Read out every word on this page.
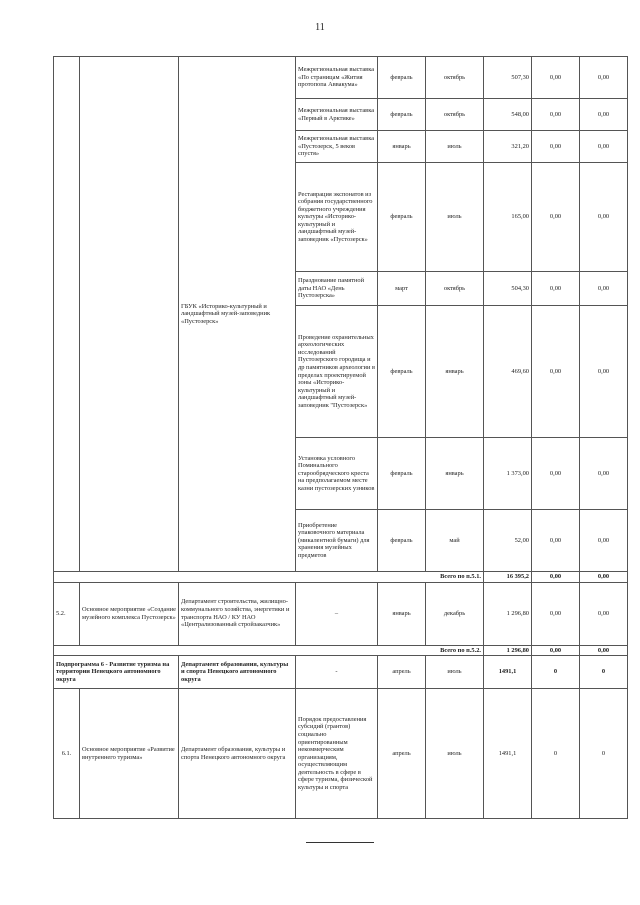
11
		ГБУК «Историко-культурный и ландшафтный музей-заповедник «Пустозерск»	Межрегиональная выставка «По страницам «Жития протопопа Аввакума»	февраль	октябрь	507,30	0,00	0,00
			Межрегиональная выставка «Первый в Арктике»	февраль	октябрь	548,00	0,00	0,00
			Межрегиональная выставка «Пустозерск, 5 веков спустя»	январь	июль	321,20	0,00	0,00
			Реставрация экспонатов из собрания государственного бюджетного учреждения культуры «Историко-культурный и ландшафтный музей-заповедник «Пустозерск»	февраль	июль	165,00	0,00	0,00
			Празднование памятной даты НАО «День Пустозерска»	март	октябрь	504,30	0,00	0,00
			Проведение охранительных археологических исследований Пустозерского городища и др памятников археологии в пределах проектируемой зоны «Историко-культурный и ландшафтный музей-заповедник "Пустозерск»	февраль	январь	469,60	0,00	0,00
			Установка условного Поминального старообрядческого креста на предполагаемом месте казни пустозерских узников	февраль	январь	1 373,00	0,00	0,00
			Приобретение упаковочного материала (микалентной бумаги) для хранения музейных предметов	февраль	май	52,00	0,00	0,00
Всего по п.5.1.						16 395,2	0,00	0,00
5.2.	Основное мероприятие «Создание музейного комплекса Пустозерск»	Департамент строительства, жилищно-коммунального хозяйства, энергетики и транспорта НАО / КУ НАО «Централизованный стройзаказчик»	–	январь	декабрь	1 296,80	0,00	0,00
Всего по п.5.2.						1 296,80	0,00	0,00
Подпрограмма 6 - Развитие туризма на территории Ненецкого автономного округа		Департамент образования, культуры и спорта Ненецкого автономного округа	-	апрель	июль	1491,1	0	0
6.1.	Основное мероприятие «Развитие внутреннего туризма»	Департамент образования, культуры и спорта Ненецкого автономного округа	Порядок предоставления субсидий (грантов) социально ориентированным некоммерческим организациям, осуществляющим деятельность в сфере в сфере туризма, физической культуры и спорта	апрель	июль	1491,1	0	0
